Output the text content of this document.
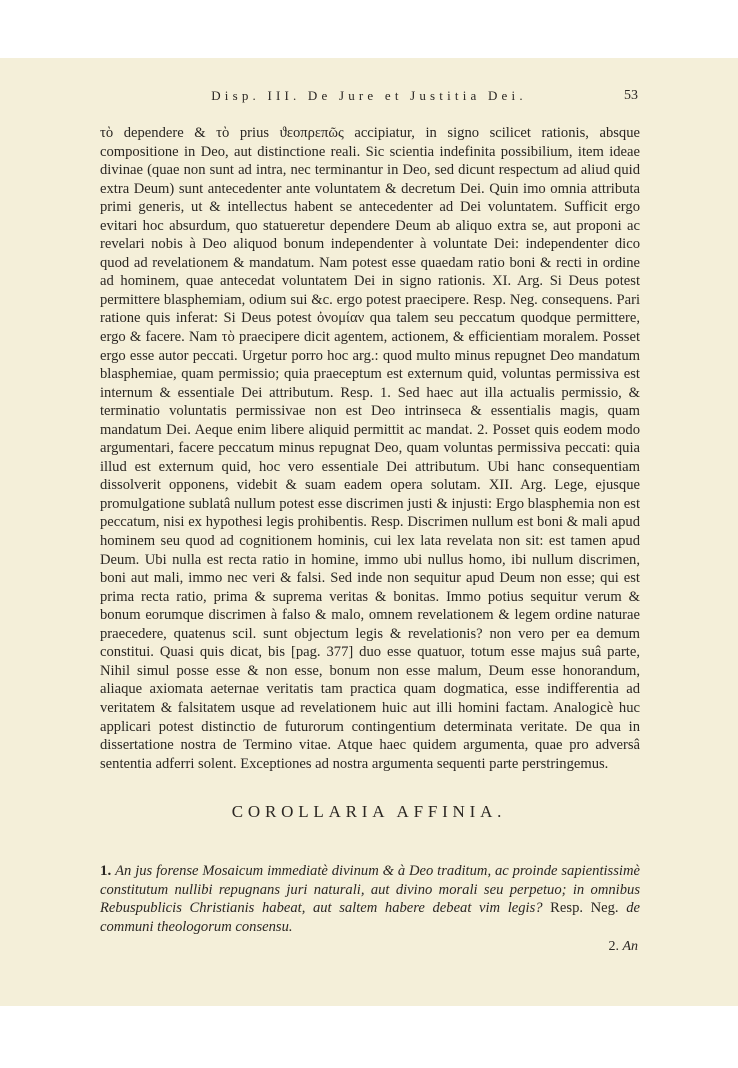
Disp. III. De Jure et Justitia Dei.	53

τὸ dependere & τὸ prius ϑεοπρεπῶς accipiatur, in signo scilicet rationis, absque compositione in Deo, aut distinctione reali. Sic scientia indefinita possibilium, item ideae divinae (quae non sunt ad intra, nec terminantur in Deo, sed dicunt respectum ad aliud quid extra Deum) sunt antecedenter ante voluntatem & decretum Dei. Quin imo omnia attributa primi generis, ut & intellectus habent se antecedenter ad Dei voluntatem. Sufficit ergo evitari hoc absurdum, quo statueretur dependere Deum ab aliquo extra se, aut proponi ac revelari nobis à Deo aliquod bonum independenter à voluntate Dei: independenter dico quod ad revelationem & mandatum. Nam potest esse quaedam ratio boni & recti in ordine ad hominem, quae antecedat voluntatem Dei in signo rationis. XI. Arg. Si Deus potest permittere blasphemiam, odium sui &c. ergo potest praecipere. Resp. Neg. consequens. Pari ratione quis inferat: Si Deus potest ὀνομίαν qua talem seu peccatum quodque permittere, ergo & facere. Nam τὸ praecipere dicit agentem, actionem, & efficientiam moralem. Posset ergo esse autor peccati. Urgetur porro hoc arg.: quod multo minus repugnet Deo mandatum blasphemiae, quam permissio; quia praeceptum est externum quid, voluntas permissiva est internum & essentiale Dei attributum. Resp. 1. Sed haec aut illa actualis permissio, & terminatio voluntatis permissivae non est Deo intrinseca & essentialis magis, quam mandatum Dei. Aeque enim libere aliquid permittit ac mandat. 2. Posset quis eodem modo argumentari, facere peccatum minus repugnat Deo, quam voluntas permissiva peccati: quia illud est externum quid, hoc vero essentiale Dei attributum. Ubi hanc consequentiam dissolverit opponens, videbit & suam eadem opera solutam. XII. Arg. Lege, ejusque promulgatione sublatâ nullum potest esse discrimen justi & injusti: Ergo blasphemia non est peccatum, nisi ex hypothesi legis prohibentis. Resp. Discrimen nullum est boni & mali apud hominem seu quod ad cognitionem hominis, cui lex lata revelata non sit: est tamen apud Deum. Ubi nulla est recta ratio in homine, immo ubi nullus homo, ibi nullum discrimen, boni aut mali, immo nec veri & falsi. Sed inde non sequitur apud Deum non esse; qui est prima recta ratio, prima & suprema veritas & bonitas. Immo potius sequitur verum & bonum eorumque discrimen à falso & malo, omnem revelationem & legem ordine naturae praecedere, quatenus scil. sunt objectum legis & revelationis? non vero per ea demum constitui. Quasi quis dicat, bis [pag. 377] duo esse quatuor, totum esse majus suâ parte, Nihil simul posse esse & non esse, bonum non esse malum, Deum esse honorandum, aliaque axiomata aeternae veritatis tam practica quam dogmatica, esse indifferentia ad veritatem & falsitatem usque ad revelationem huic aut illi homini factam. Analogicè huc applicari potest distinctio de futurorum contingentium determinata veritate. De qua in dissertatione nostra de Termino vitae. Atque haec quidem argumenta, quae pro adversâ sententia adferri solent. Exceptiones ad nostra argumenta sequenti parte perstringemus.

COROLLARIA AFFINIA.
1. An jus forense Mosaicum immediatè divinum & à Deo traditum, ac proinde sapientissimè constitutum nullibi repugnans juri naturali, aut divino morali seu perpetuo; in omnibus Rebuspublicis Christianis habeat, aut saltem habere debeat vim legis? Resp. Neg. de communi theologorum consensu.
2. An
